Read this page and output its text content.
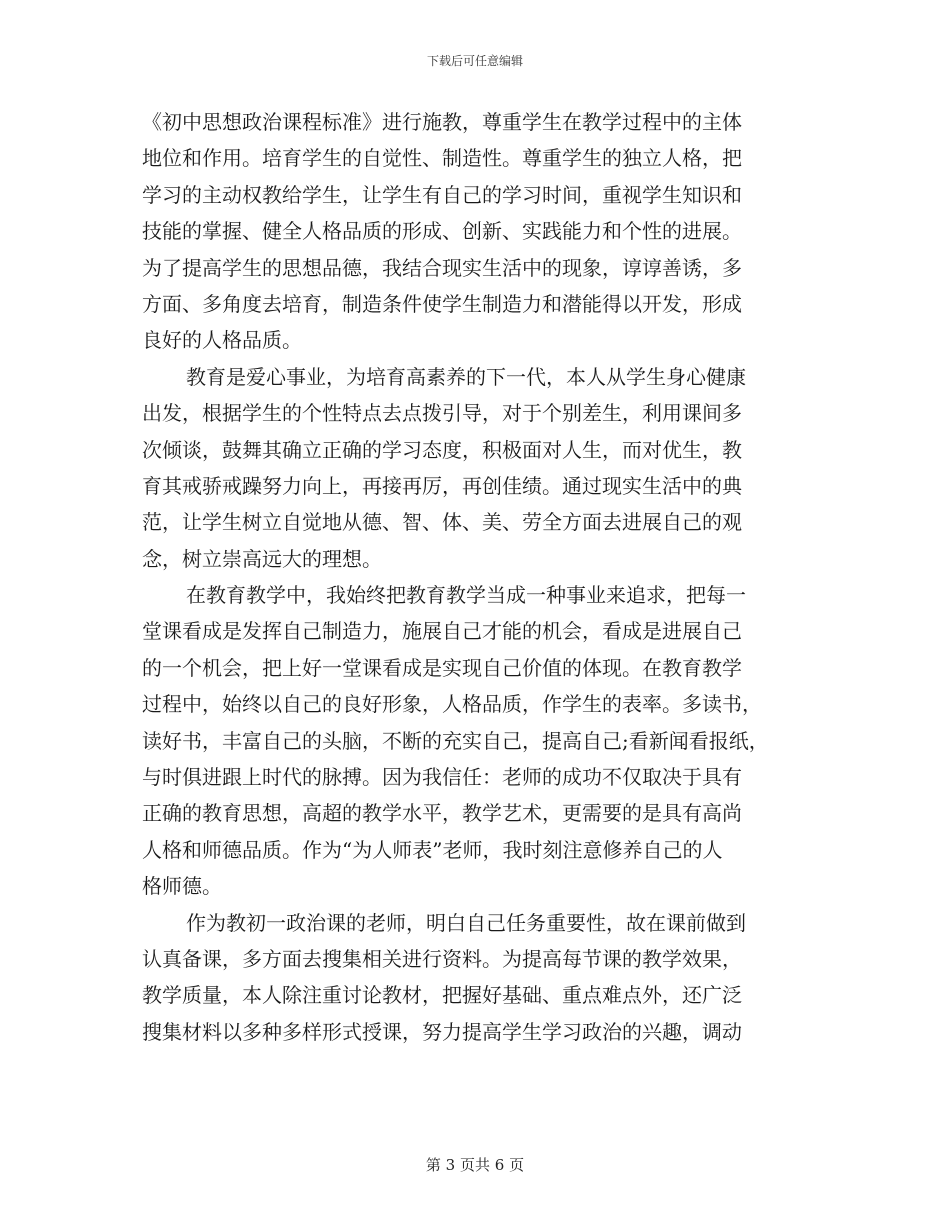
下载后可任意编辑
《初中思想政治课程标准》进行施教，尊重学生在教学过程中的主体
地位和作用。培育学生的自觉性、制造性。尊重学生的独立人格，把
学习的主动权教给学生，让学生有自己的学习时间，重视学生知识和
技能的掌握、健全人格品质的形成、创新、实践能力和个性的进展。
为了提高学生的思想品德，我结合现实生活中的现象，谆谆善诱，多
方面、多角度去培育，制造条件使学生制造力和潜能得以开发，形成
良好的人格品质。
教育是爱心事业，为培育高素养的下一代，本人从学生身心健康
出发，根据学生的个性特点去点拨引导，对于个别差生，利用课间多
次倾谈，鼓舞其确立正确的学习态度，积极面对人生，而对优生，教
育其戒骄戒躁努力向上，再接再厉，再创佳绩。通过现实生活中的典
范，让学生树立自觉地从德、智、体、美、劳全方面去进展自己的观
念，树立崇高远大的理想。
在教育教学中，我始终把教育教学当成一种事业来追求，把每一
堂课看成是发挥自己制造力，施展自己才能的机会，看成是进展自己
的一个机会，把上好一堂课看成是实现自己价值的体现。在教育教学
过程中，始终以自己的良好形象，人格品质，作学生的表率。多读书，
读好书，丰富自己的头脑，不断的充实自己，提高自己;看新闻看报纸，
与时俱进跟上时代的脉搏。因为我信任：老师的成功不仅取决于具有
正确的教育思想，高超的教学水平，教学艺术，更需要的是具有高尚
人格和师德品质。作为“为人师表”老师，我时刻注意修养自己的人
格师德。
作为教初一政治课的老师，明白自己任务重要性，故在课前做到
认真备课，多方面去搜集相关进行资料。为提高每节课的教学效果，
教学质量，本人除注重讨论教材，把握好基础、重点难点外，还广泛
搜集材料以多种多样形式授课，努力提高学生学习政治的兴趣，调动
第 3 页共 6 页
